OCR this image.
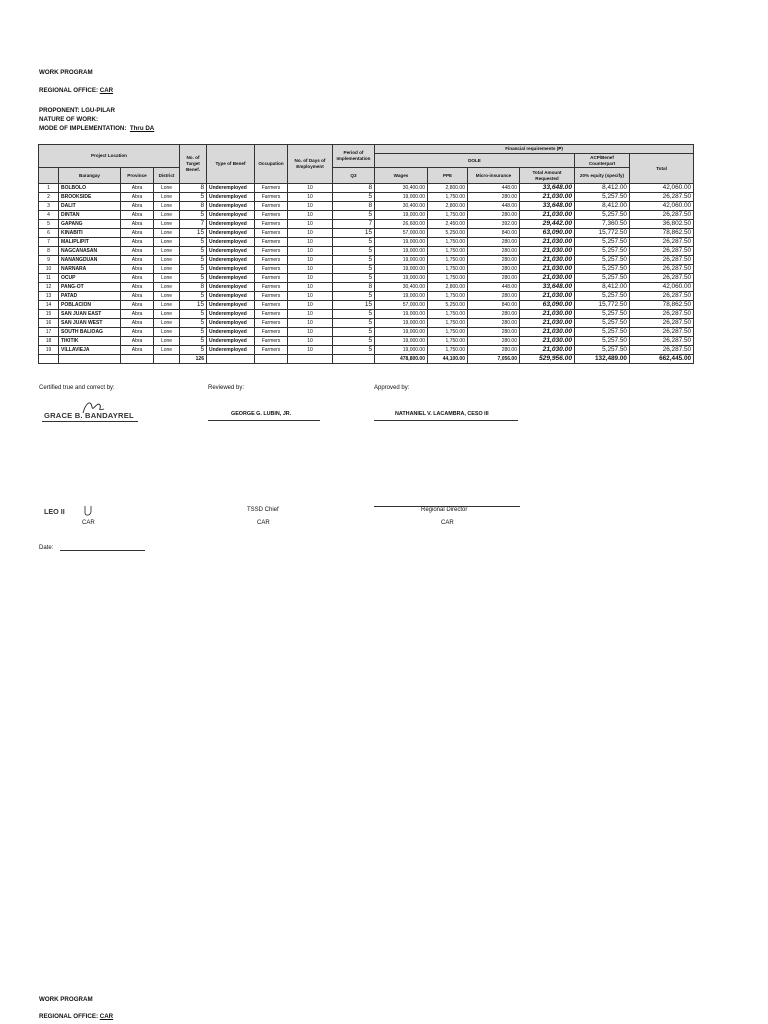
WORK PROGRAM
REGIONAL OFFICE: CAR
PROPONENT: LGU-PILAR
NATURE OF WORK:
MODE OF IMPLEMENTATION: Thru DA
Project Location				No. of Target Benef.	Type of Benef	Occupation	No. of Days of Employment	Period of Implementation	Financial requirements (₱)					
									DOLE				ACP/Benef Counterpart	Total
	Barangay	Province	District					Q3	Wages	PPE	Micro-insurance	Total Amount Requested	20% equity (specify)	
1	BOLBOLO	Abra	Lone	8	Underemployed	Farmers	10	8	30,400.00	2,800.00	448.00	33,648.00	8,412.00	42,060.00
2	BROOKSIDE	Abra	Lone	5	Underemployed	Farmers	10	5	19,000.00	1,750.00	280.00	21,030.00	5,257.50	26,287.50
3	DALIT	Abra	Lone	8	Underemployed	Farmers	10	8	30,400.00	2,800.00	448.00	33,648.00	8,412.00	42,060.00
4	DINTAN	Abra	Lone	5	Underemployed	Farmers	10	5	19,000.00	1,750.00	280.00	21,030.00	5,257.50	26,287.50
5	GAPANG	Abra	Lone	7	Underemployed	Farmers	10	7	26,600.00	2,450.00	392.00	29,442.00	7,360.50	36,802.50
6	KINABITI	Abra	Lone	15	Underemployed	Farmers	10	15	57,000.00	5,250.00	840.00	63,090.00	15,772.50	78,862.50
7	MALIPLIPIT	Abra	Lone	5	Underemployed	Farmers	10	5	19,000.00	1,750.00	280.00	21,030.00	5,257.50	26,287.50
8	NAGCANASAN	Abra	Lone	5	Underemployed	Farmers	10	5	19,000.00	1,750.00	280.00	21,030.00	5,257.50	26,287.50
9	NANANGDUAN	Abra	Lone	5	Underemployed	Farmers	10	5	19,000.00	1,750.00	280.00	21,030.00	5,257.50	26,287.50
10	NARNARA	Abra	Lone	5	Underemployed	Farmers	10	5	19,000.00	1,750.00	280.00	21,030.00	5,257.50	26,287.50
11	OCUP	Abra	Lone	5	Underemployed	Farmers	10	5	19,000.00	1,750.00	280.00	21,030.00	5,257.50	26,287.50
12	PANG-OT	Abra	Lone	8	Underemployed	Farmers	10	8	30,400.00	2,800.00	448.00	33,648.00	8,412.00	42,060.00
13	PATAD	Abra	Lone	5	Underemployed	Farmers	10	5	19,000.00	1,750.00	280.00	21,030.00	5,257.50	26,287.50
14	POBLACION	Abra	Lone	15	Underemployed	Farmers	10	15	57,000.00	5,250.00	840.00	63,090.00	15,772.50	78,862.50
15	SAN JUAN EAST	Abra	Lone	5	Underemployed	Farmers	10	5	19,000.00	1,750.00	280.00	21,030.00	5,257.50	26,287.50
16	SAN JUAN WEST	Abra	Lone	5	Underemployed	Farmers	10	5	19,000.00	1,750.00	280.00	21,030.00	5,257.50	26,287.50
17	SOUTH BALIOAG	Abra	Lone	5	Underemployed	Farmers	10	5	19,000.00	1,750.00	280.00	21,030.00	5,257.50	26,287.50
18	TIKITIK	Abra	Lone	5	Underemployed	Farmers	10	5	19,000.00	1,750.00	280.00	21,030.00	5,257.50	26,287.50
19	VILLAVIEJA	Abra	Lone	5	Underemployed	Farmers	10	5	19,000.00	1,750.00	280.00	21,030.00	5,257.50	26,287.50
				126					478,800.00	44,100.00	7,056.00	529,956.00	132,489.00	662,445.00
Certified true and correct by:	Reviewed by:	Approved by:
GRACE B. BANDAYREL	GEORGE G. LUBIN, JR.	NATHANIEL V. LACAMBRA, CESO III
LEO II
CAR
TSSD Chief
CAR
Regional Director
CAR
Date:
WORK PROGRAM
REGIONAL OFFICE: CAR
